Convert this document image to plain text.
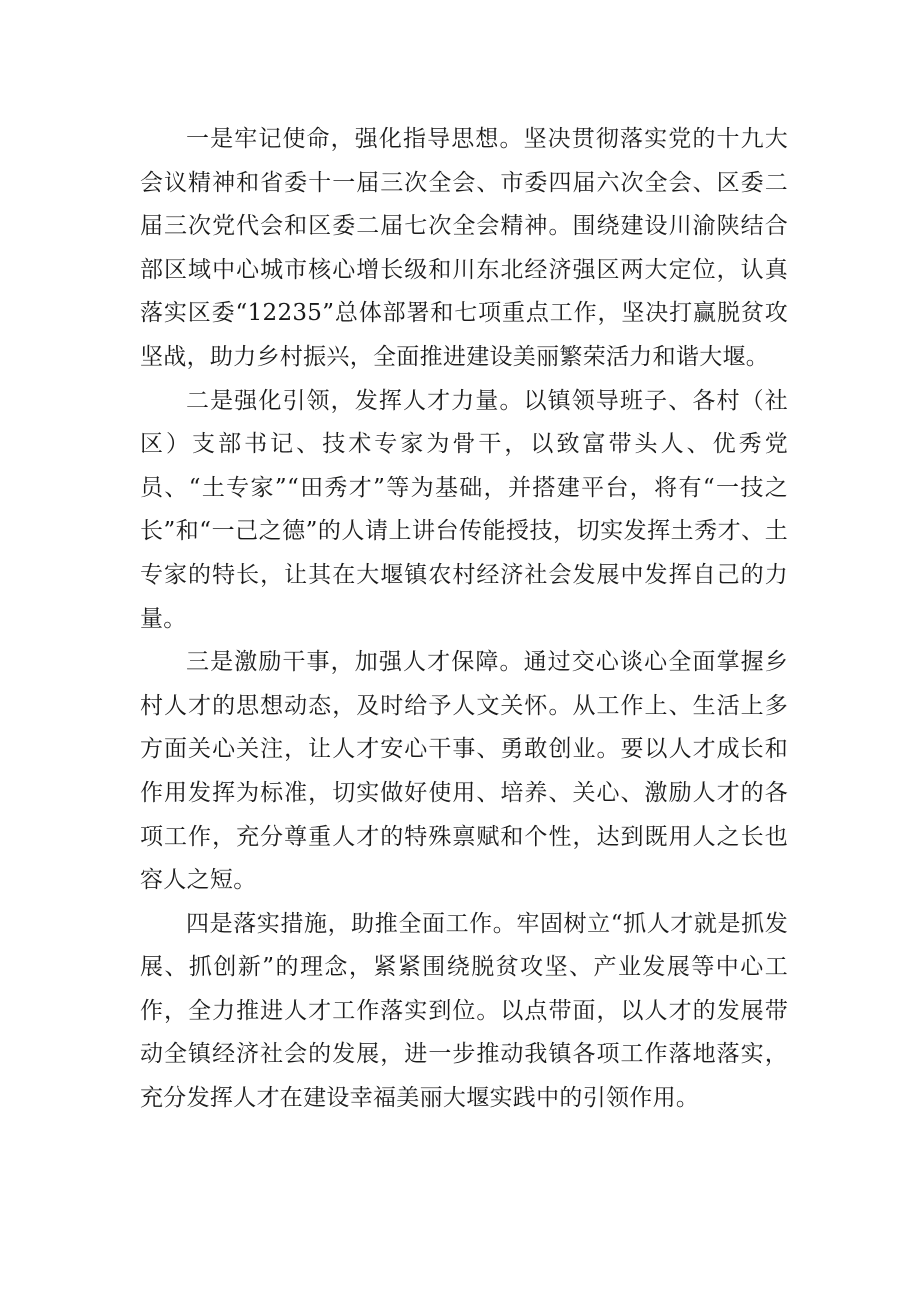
一是牢记使命，强化指导思想。坚决贯彻落实党的十九大会议精神和省委十一届三次全会、市委四届六次全会、区委二届三次党代会和区委二届七次全会精神。围绕建设川渝陕结合部区域中心城市核心增长级和川东北经济强区两大定位，认真落实区委“12235”总体部署和七项重点工作，坚决打赢脱贫攻坚战，助力乡村振兴，全面推进建设美丽繁荣活力和谐大堰。

二是强化引领，发挥人才力量。以镇领导班子、各村（社区）支部书记、技术专家为骨干，以致富带头人、优秀党员、“土专家”“田秀才”等为基础，并搭建平台，将有“一技之长”和“一己之德”的人请上讲台传能授技，切实发挥土秀才、土专家的特长，让其在大堰镇农村经济社会发展中发挥自己的力量。

三是激励干事，加强人才保障。通过交心谈心全面掌握乡村人才的思想动态，及时给予人文关怀。从工作上、生活上多方面关心关注，让人才安心干事、勇敢创业。要以人才成长和作用发挥为标准，切实做好使用、培养、关心、激励人才的各项工作，充分尊重人才的特殊禀赋和个性，达到既用人之长也容人之短。

四是落实措施，助推全面工作。牢固树立“抓人才就是抓发展、抓创新”的理念，紧紧围绕脱贫攻坚、产业发展等中心工作，全力推进人才工作落实到位。以点带面，以人才的发展带动全镇经济社会的发展，进一步推动我镇各项工作落地落实，充分发挥人才在建设幸福美丽大堰实践中的引领作用。
